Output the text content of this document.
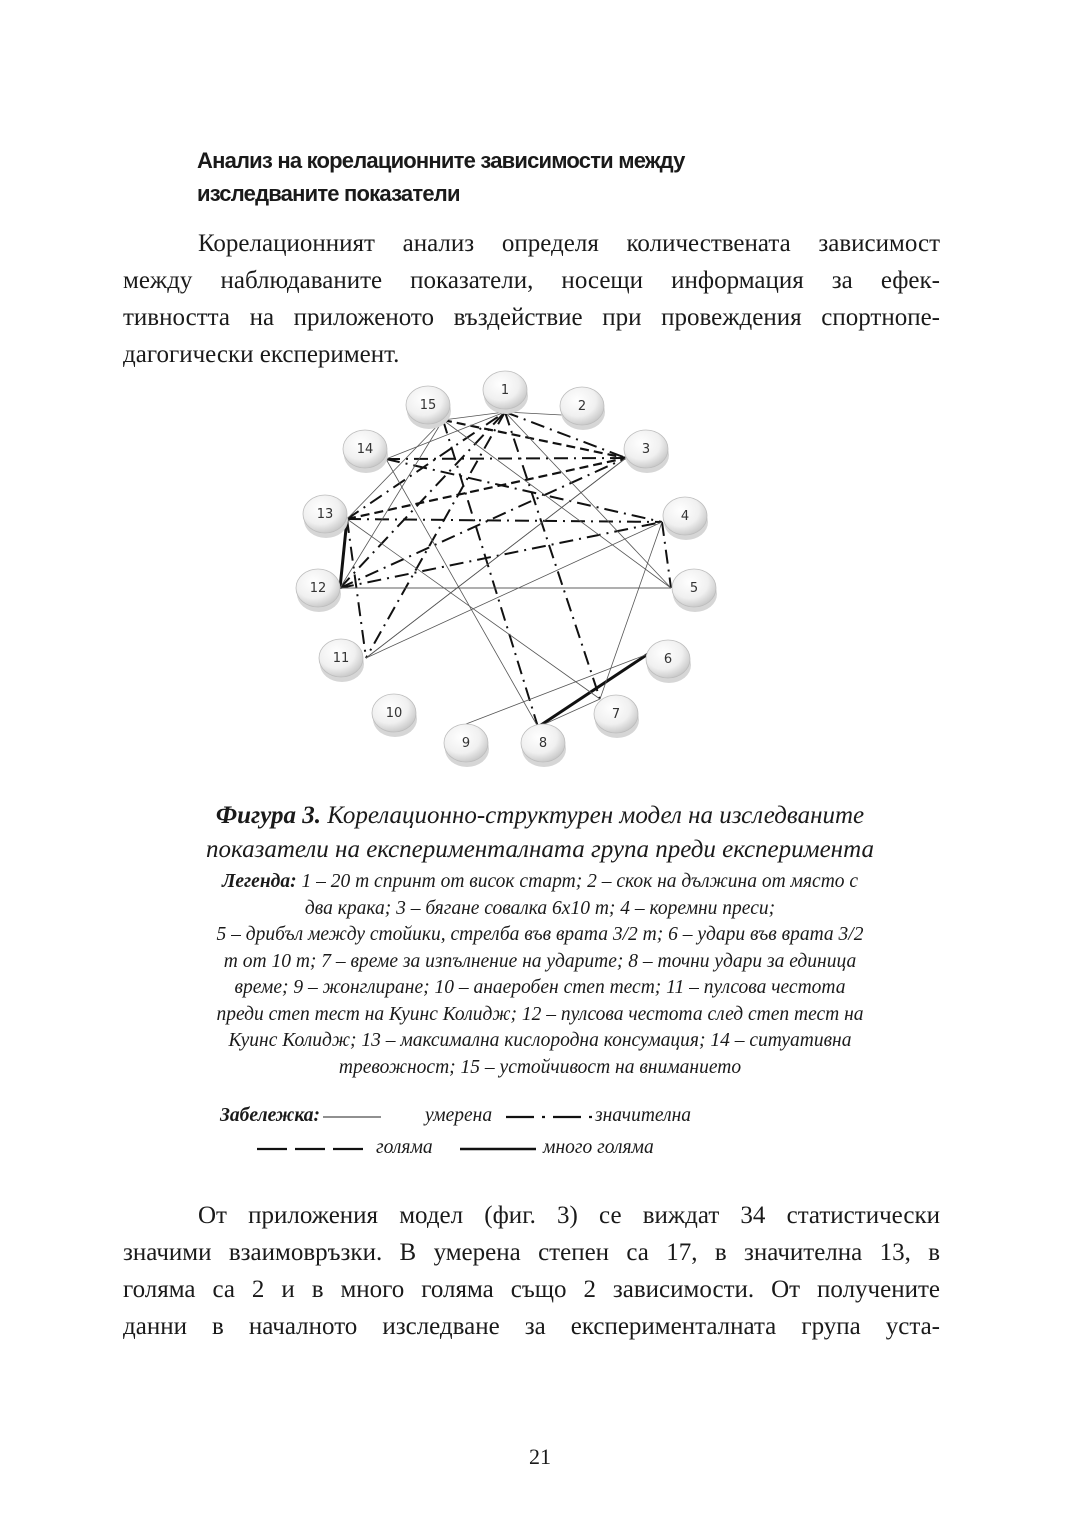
Анализ на корелационните зависимости между
изследваните показатели
Корелационният анализ определя количествената зависимост
между наблюдаваните показатели, носещи информация за ефек-
тивността на приложеното въздействие при провеждения спортнопе-
дагогически експеримент.
1
2
3
4
5
6
7
8
9
10
11
12
13
14
15
Фигура 3. Корелационно-структурен модел на изследваните
показатели на експерименталната група преди експеримента
Легенда: 1 – 20 m спринт от висок старт; 2 – скок на дължина от място с
два крака; 3 – бягане совалка 6х10 m; 4 – коремни преси;
5 – дрибъл между стойики, стрелба във врата 3/2 m; 6 – удари във врата 3/2
m от 10 m; 7 – време за изпълнение на ударите; 8 – точни удари за единица
време; 9 – жонглиране; 10 – анаеробен степ тест; 11 – пулсова честота
преди степ тест на Куинс Колидж; 12 – пулсова честота след степ тест на
Куинс Колидж; 13 – максимална кислородна консумация; 14 – ситуативна
тревожност; 15 – устойчивост на вниманието
Забележка:	умерена	значителна
голяма	много голяма
От приложения модел (фиг. 3) се виждат 34 статистически
значими взаимовръзки. В умерена степен са 17, в значителна 13, в
голяма са 2 и в много голяма също 2 зависимости. От получените
данни в началното изследване за експерименталната група уста-
21
